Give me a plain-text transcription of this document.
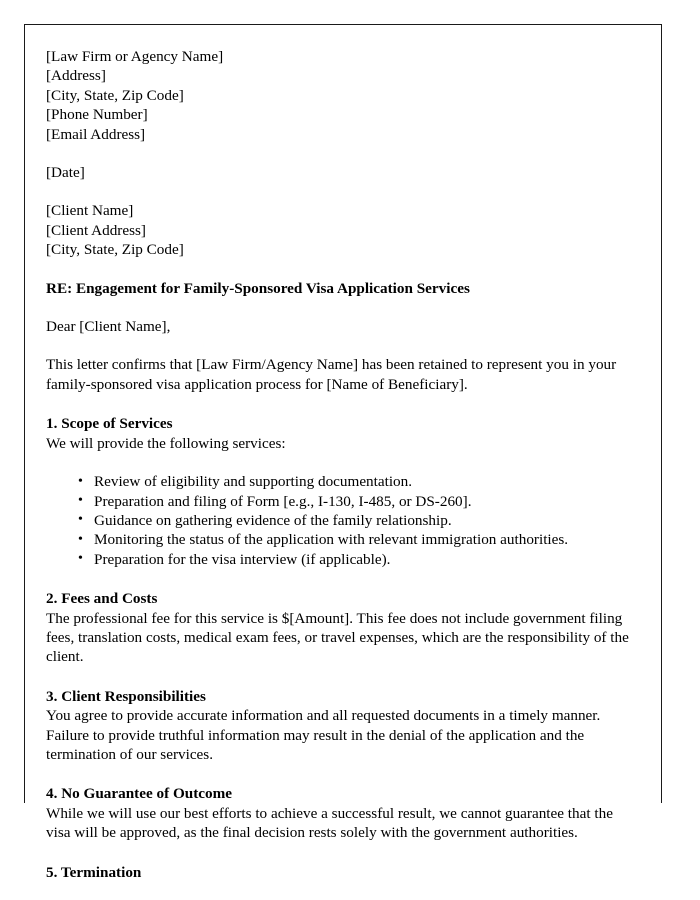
[Law Firm or Agency Name]

[Address]

[City, State, Zip Code]

[Phone Number]

[Email Address]

[Date]

[Client Name]

[Client Address]

[City, State, Zip Code]

RE: Engagement for Family-Sponsored Visa Application Services

Dear [Client Name],

This letter confirms that [Law Firm/Agency Name] has been retained to represent you in your family-sponsored visa application process for [Name of Beneficiary].

1. Scope of Services

We will provide the following services:

• Review of eligibility and supporting documentation.
• Preparation and filing of Form [e.g., I-130, I-485, or DS-260].
• Guidance on gathering evidence of the family relationship.
• Monitoring the status of the application with relevant immigration authorities.
• Preparation for the visa interview (if applicable).

2. Fees and Costs

The professional fee for this service is $[Amount]. This fee does not include government filing fees, translation costs, medical exam fees, or travel expenses, which are the responsibility of the client.

3. Client Responsibilities

You agree to provide accurate information and all requested documents in a timely manner. Failure to provide truthful information may result in the denial of the application and the termination of our services.

4. No Guarantee of Outcome

While we will use our best efforts to achieve a successful result, we cannot guarantee that the visa will be approved, as the final decision rests solely with the government authorities.

5. Termination
